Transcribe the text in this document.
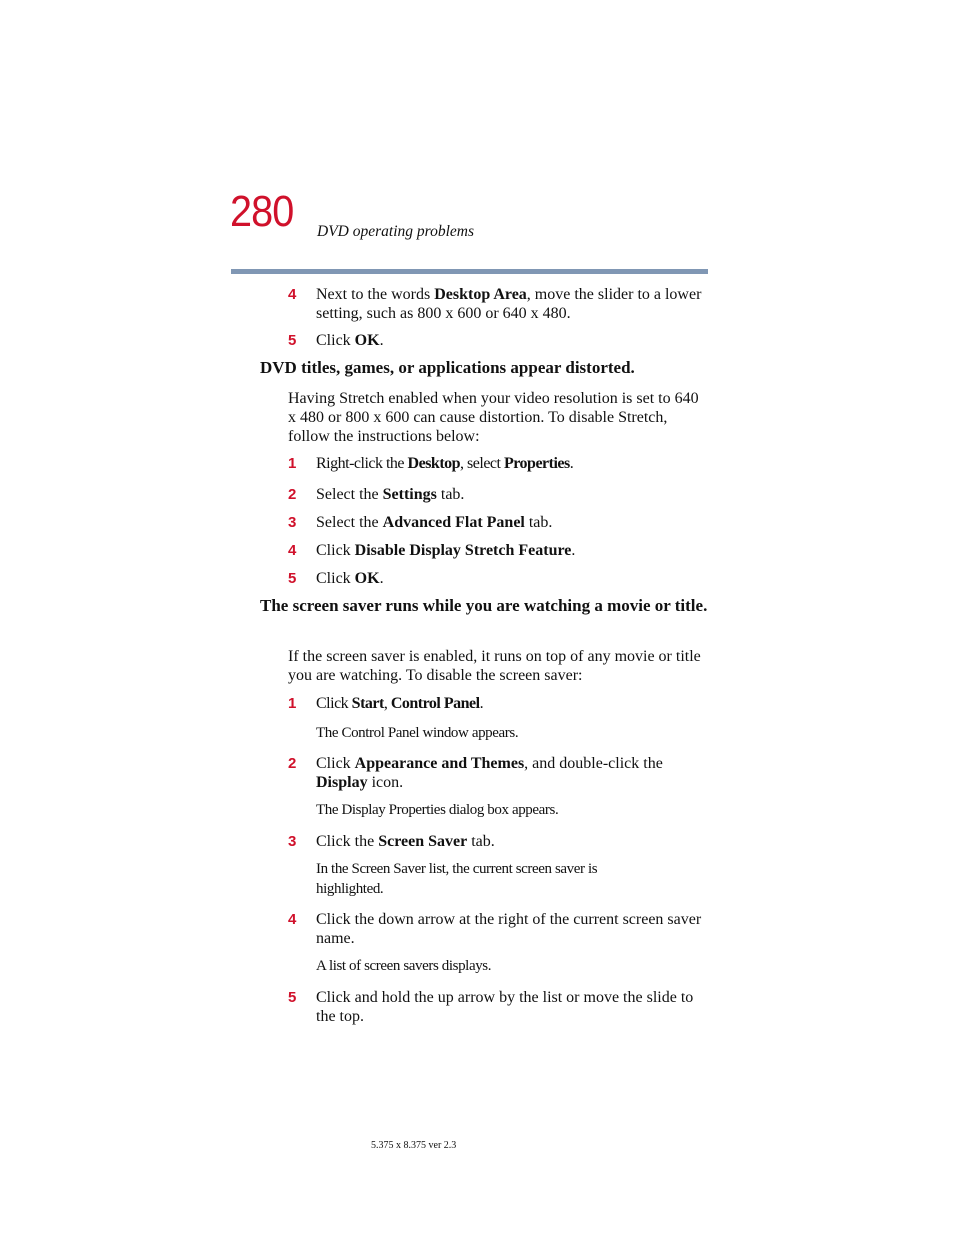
280 DVD operating problems
4 Next to the words Desktop Area, move the slider to a lower setting, such as 800 x 600 or 640 x 480.
5 Click OK.
DVD titles, games, or applications appear distorted.
Having Stretch enabled when your video resolution is set to 640 x 480 or 800 x 600 can cause distortion. To disable Stretch, follow the instructions below:
1 Right-click the Desktop, select Properties.
2 Select the Settings tab.
3 Select the Advanced Flat Panel tab.
4 Click Disable Display Stretch Feature.
5 Click OK.
The screen saver runs while you are watching a movie or title.
If the screen saver is enabled, it runs on top of any movie or title you are watching. To disable the screen saver:
1 Click Start, Control Panel.
The Control Panel window appears.
2 Click Appearance and Themes, and double-click the Display icon.
The Display Properties dialog box appears.
3 Click the Screen Saver tab.
In the Screen Saver list, the current screen saver is highlighted.
4 Click the down arrow at the right of the current screen saver name.
A list of screen savers displays.
5 Click and hold the up arrow by the list or move the slide to the top.
5.375 x 8.375 ver 2.3
